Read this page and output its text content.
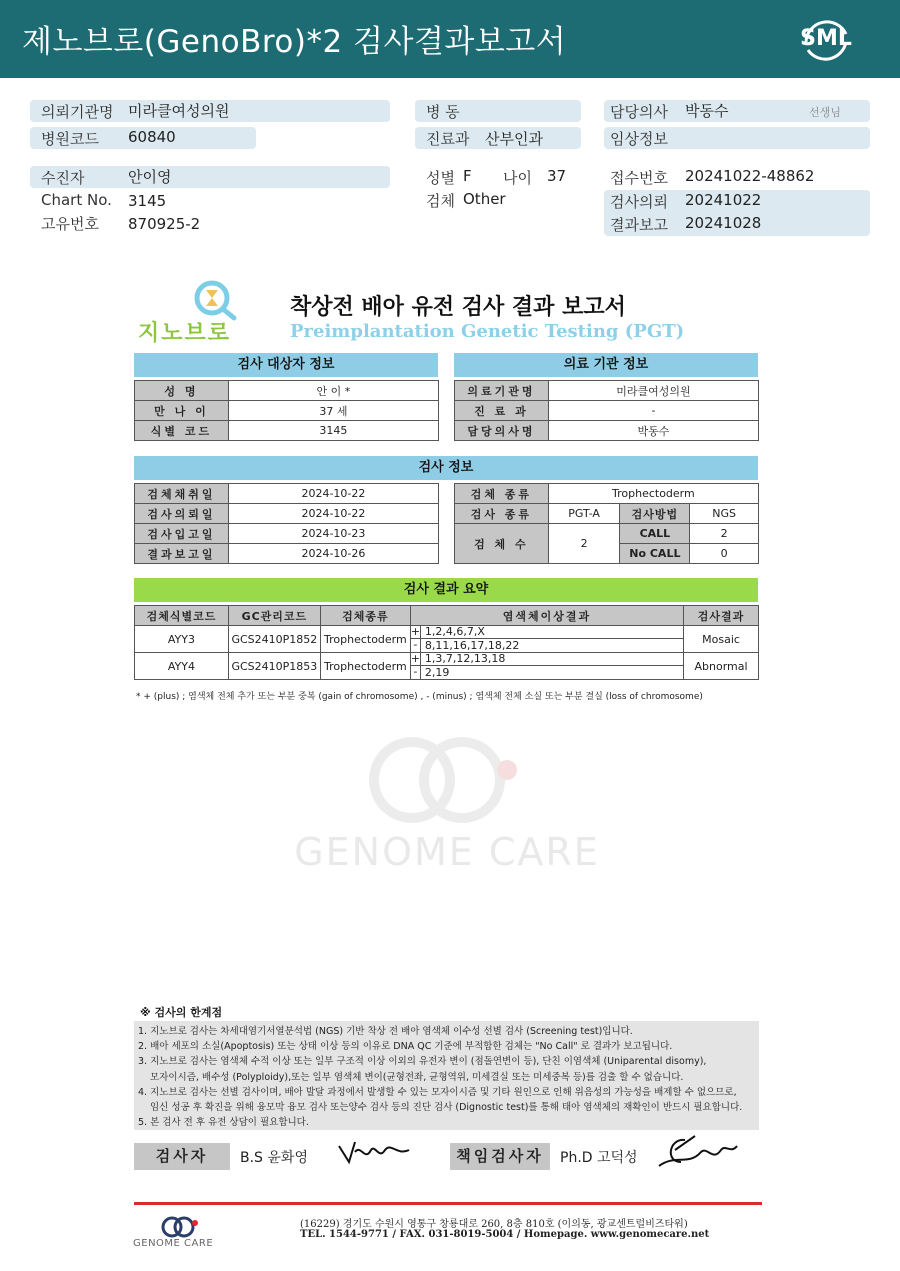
제노브로(GenoBro)*2 검사결과보고서	SML
의뢰기관명 미라클여성의원
병원코드 60840
병 동
진료과 산부인과
담당의사 박동수	선생님
임상정보
수진자	안이영
Chart No. 3145
고유번호 870925-2
성별 F 나이 37
검체 Other
접수번호 20241022-48862
검사의뢰 20241022
결과보고 20241028
지노브로
착상전 배아 유전 검사 결과 보고서
Preimplantation Genetic Testing (PGT)
검사 대상자 정보	의료 기관 정보
성 명	안 이 *
만 나 이	37 세
식별 코드	3145
의료기관명	미라클여성의원
진 료 과	-
담당의사명	박동수
검사 정보
검체채취일	2024-10-22
검사의뢰일	2024-10-22
검사입고일	2024-10-23
결과보고일	2024-10-26
검체 종류	Trophectoderm		
검사 종류	PGT-A	검사방법	NGS
검 체 수	2	CALL	2
		No CALL	0
검사 결과 요약
검체식별코드	GC관리코드	검체종류	염색체이상결과	검사결과
AYY3	GCS2410P1852	Trophectoderm	+ 1,2,4,6,7,X
- 8,11,16,17,18,22	Mosaic
AYY4	GCS2410P1853	Trophectoderm	+ 1,3,7,12,13,18
- 2,19	Abnormal
* + (plus) ; 염색체 전체 추가 또는 부분 중복 (gain of chromosome) , - (minus) ; 염색체 전체 소실 또는 부분 결실 (loss of chromosome)
GENOME CARE
※ 검사의 한계점
1. 지노브로 검사는 차세대염기서열분석법 (NGS) 기반 착상 전 배아 염색체 이수성 선별 검사 (Screening test)입니다.
2. 배아 세포의 소실(Apoptosis) 또는 상태 이상 등의 이유로 DNA QC 기준에 부적합한 검체는 "No Call" 로 결과가 보고됩니다.
3. 지노브로 검사는 염색체 수적 이상 또는 일부 구조적 이상 이외의 유전자 변이 (점돌연변이 등), 단친 이염색체 (Uniparental disomy),
모자이시즘, 배수성 (Polyploidy),또는 일부 염색체 변이(균형전좌, 균형역위, 미세결실 또는 미세중복 등)를 검출 할 수 없습니다.
4. 지노브로 검사는 선별 검사이며, 배아 발달 과정에서 발생할 수 있는 모자이시즘 및 기타 원인으로 인해 위음성의 가능성을 배제할 수 없으므로,
임신 성공 후 확진을 위해 융모막 융모 검사 또는양수 검사 등의 진단 검사 (Dignostic test)를 통해 태아 염색체의 재확인이 반드시 필요합니다.
5. 본 검사 전 후 유전 상담이 필요합니다.
검사자	B.S 윤화영	책임검사자	Ph.D 고덕성
GENOME CARE
(16229) 경기도 수원시 영통구 창룡대로 260, 8층 810호 (이의동, 광교센트럴비즈타워)
TEL. 1544-9771 / FAX. 031-8019-5004 / Homepage. www.genomecare.net
